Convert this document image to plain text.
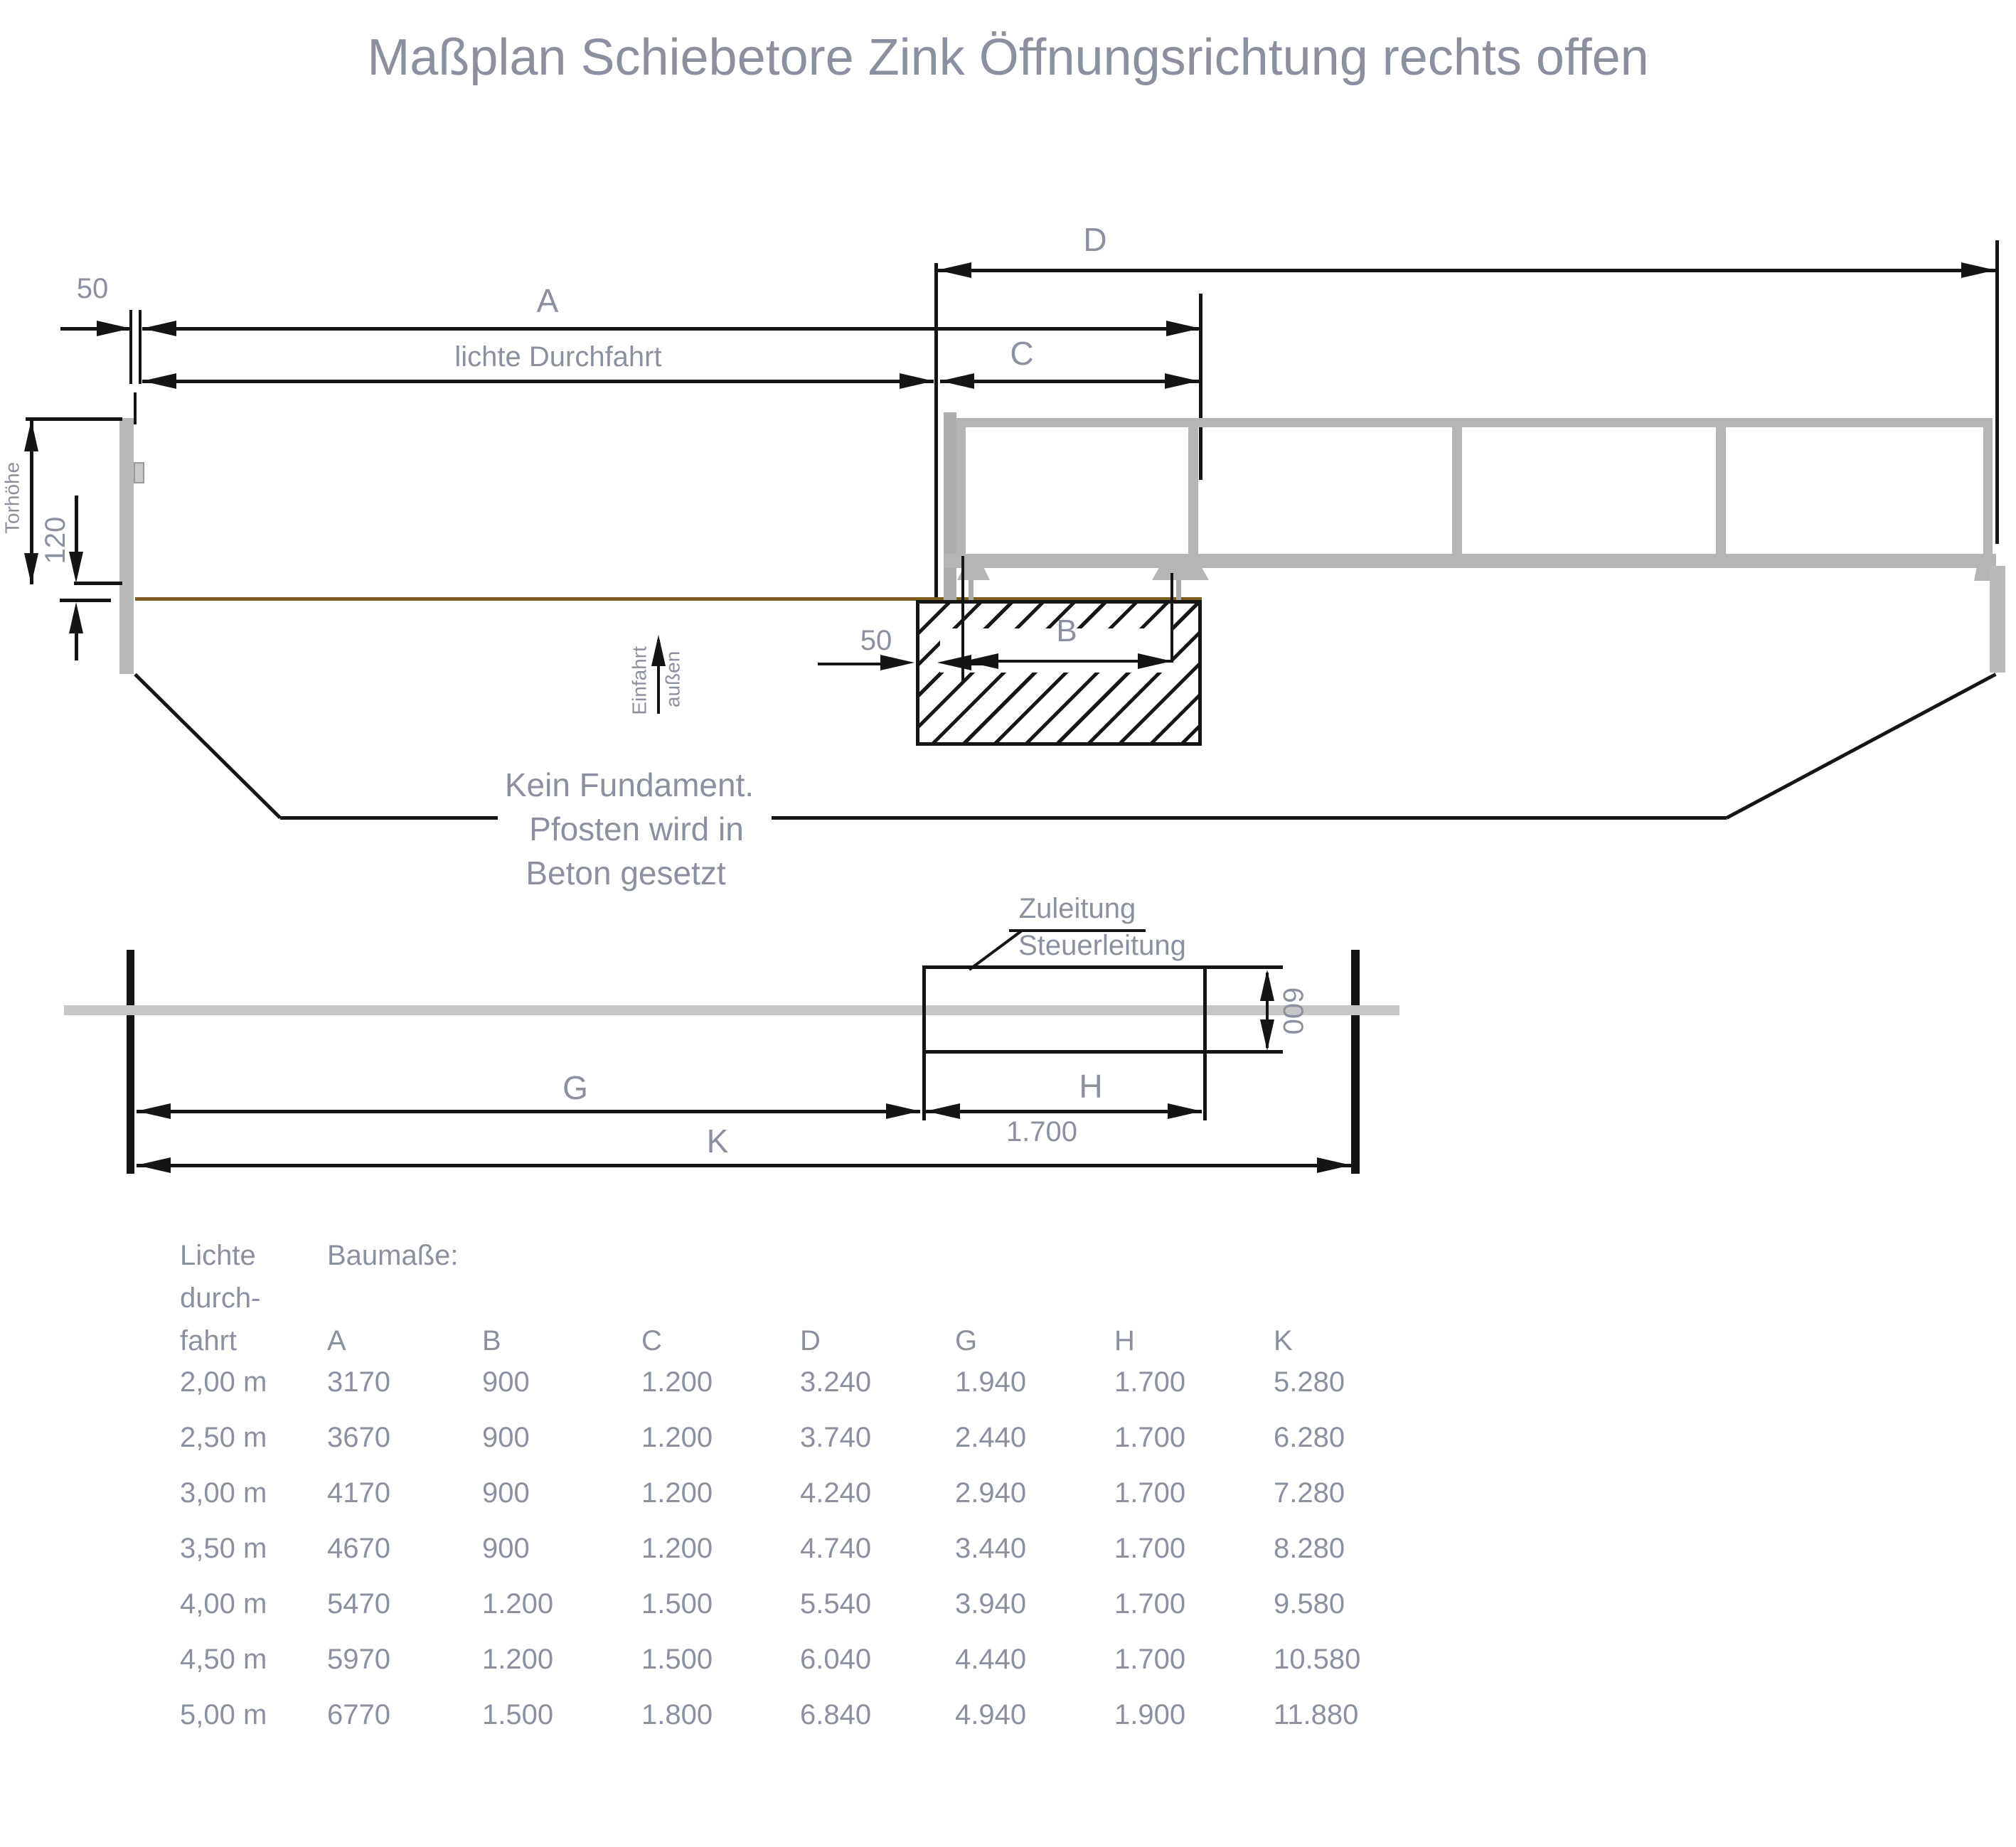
Maßplan Schiebetore Zink Öffnungsrichtung rechts offen
D
50	A
lichte Durchfahrt	C
Torhöhe
120
B
50
Einfahrt außen
Kein Fundament.
Pfosten wird in
Beton gesetzt
600
Zuleitung
Steuerleitung
G	H
1.700
K
Lichte
durch-
fahrt
Baumaße:
A	B	C	D	G	H	K
2,00 m 3170	900	1.200	3.240	1.940	1.700	5.280
2,50 m 3670	900	1.200	3.740	2.440	1.700	6.280
3,00 m 4170	900	1.200	4.240	2.940	1.700	7.280
3,50 m 4670	900	1.200	4.740	3.440	1.700	8.280
4,00 m 5470	1.200	1.500	5.540	3.940	1.700	9.580
4,50 m 5970	1.200	1.500	6.040	4.440	1.700	10.580
5,00 m 6770	1.500	1.800	6.840	4.940	1.900	11.880
